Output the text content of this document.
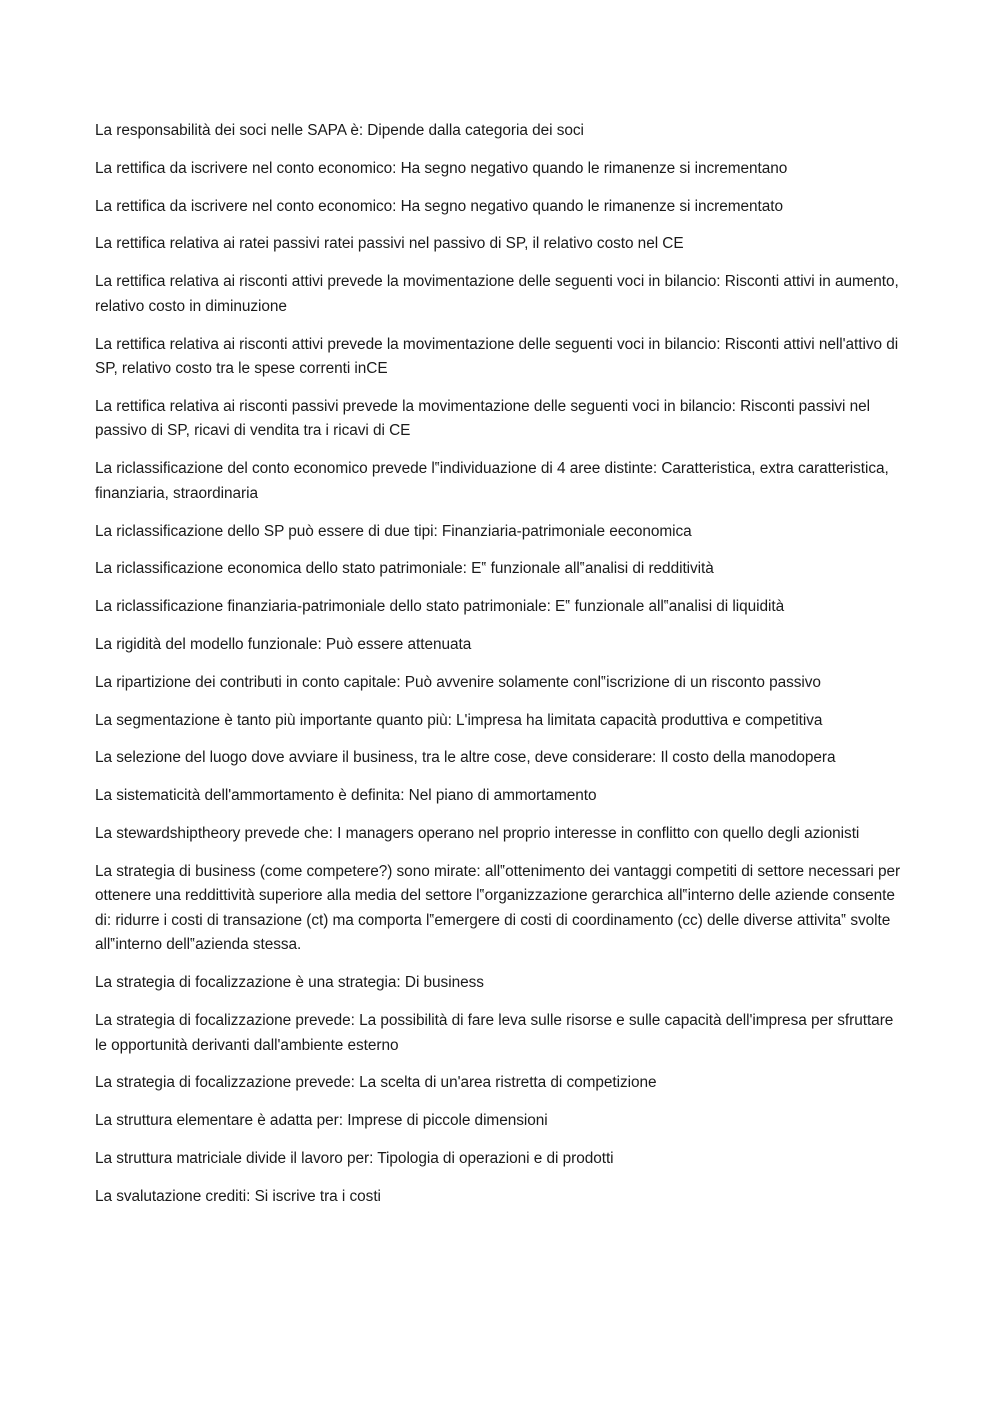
La responsabilità dei soci nelle SAPA è: Dipende dalla categoria dei soci

La rettifica da iscrivere nel conto economico: Ha segno negativo quando le rimanenze si incrementano

La rettifica da iscrivere nel conto economico: Ha segno negativo quando le rimanenze si incrementato

La rettifica relativa ai ratei passivi ratei passivi nel passivo di SP, il relativo costo nel CE

La rettifica relativa ai risconti attivi prevede la movimentazione delle seguenti voci in bilancio: Risconti attivi in aumento, relativo costo in diminuzione

La rettifica relativa ai risconti attivi prevede la movimentazione delle seguenti voci in bilancio: Risconti attivi nell'attivo di SP, relativo costo tra le spese correnti inCE

La rettifica relativa ai risconti passivi prevede la movimentazione delle seguenti voci in bilancio: Risconti passivi nel passivo di SP, ricavi di vendita tra i ricavi di CE

La riclassificazione del conto economico prevede l‟individuazione di 4 aree distinte: Caratteristica, extra caratteristica, finanziaria, straordinaria

La riclassificazione dello SP può essere di due tipi: Finanziaria-patrimoniale eeconomica

La riclassificazione economica dello stato patrimoniale: E‟ funzionale all‟analisi di redditività

La riclassificazione finanziaria-patrimoniale dello stato patrimoniale: E‟ funzionale all‟analisi di liquidità

La rigidità del modello funzionale: Può essere attenuata

La ripartizione dei contributi in conto capitale: Può avvenire solamente conl‟iscrizione di un risconto passivo

La segmentazione è tanto più importante quanto più: L'impresa ha limitata capacità produttiva e competitiva

La selezione del luogo dove avviare il business, tra le altre cose, deve considerare: Il costo della manodopera

La sistematicità dell'ammortamento è definita: Nel piano di ammortamento

La stewardshiptheory prevede che: I managers operano nel proprio interesse in conflitto con quello degli azionisti

La strategia di business (come competere?) sono mirate: all‟ottenimento dei vantaggi competiti di settore necessari per ottenere una reddittività superiore alla media del settore l‟organizzazione gerarchica all‟interno delle aziende consente di: ridurre i costi di transazione (ct) ma comporta l‟emergere di costi di coordinamento (cc) delle diverse attivita‟ svolte all‟interno dell‟azienda stessa.

La strategia di focalizzazione è una strategia: Di business

La strategia di focalizzazione prevede: La possibilità di fare leva sulle risorse e sulle capacità dell'impresa per sfruttare le opportunità derivanti dall'ambiente esterno

La strategia di focalizzazione prevede: La scelta di un'area ristretta di competizione

La struttura elementare è adatta per: Imprese di piccole dimensioni

La struttura matriciale divide il lavoro per: Tipologia di operazioni e di prodotti

La svalutazione crediti: Si iscrive tra i costi
